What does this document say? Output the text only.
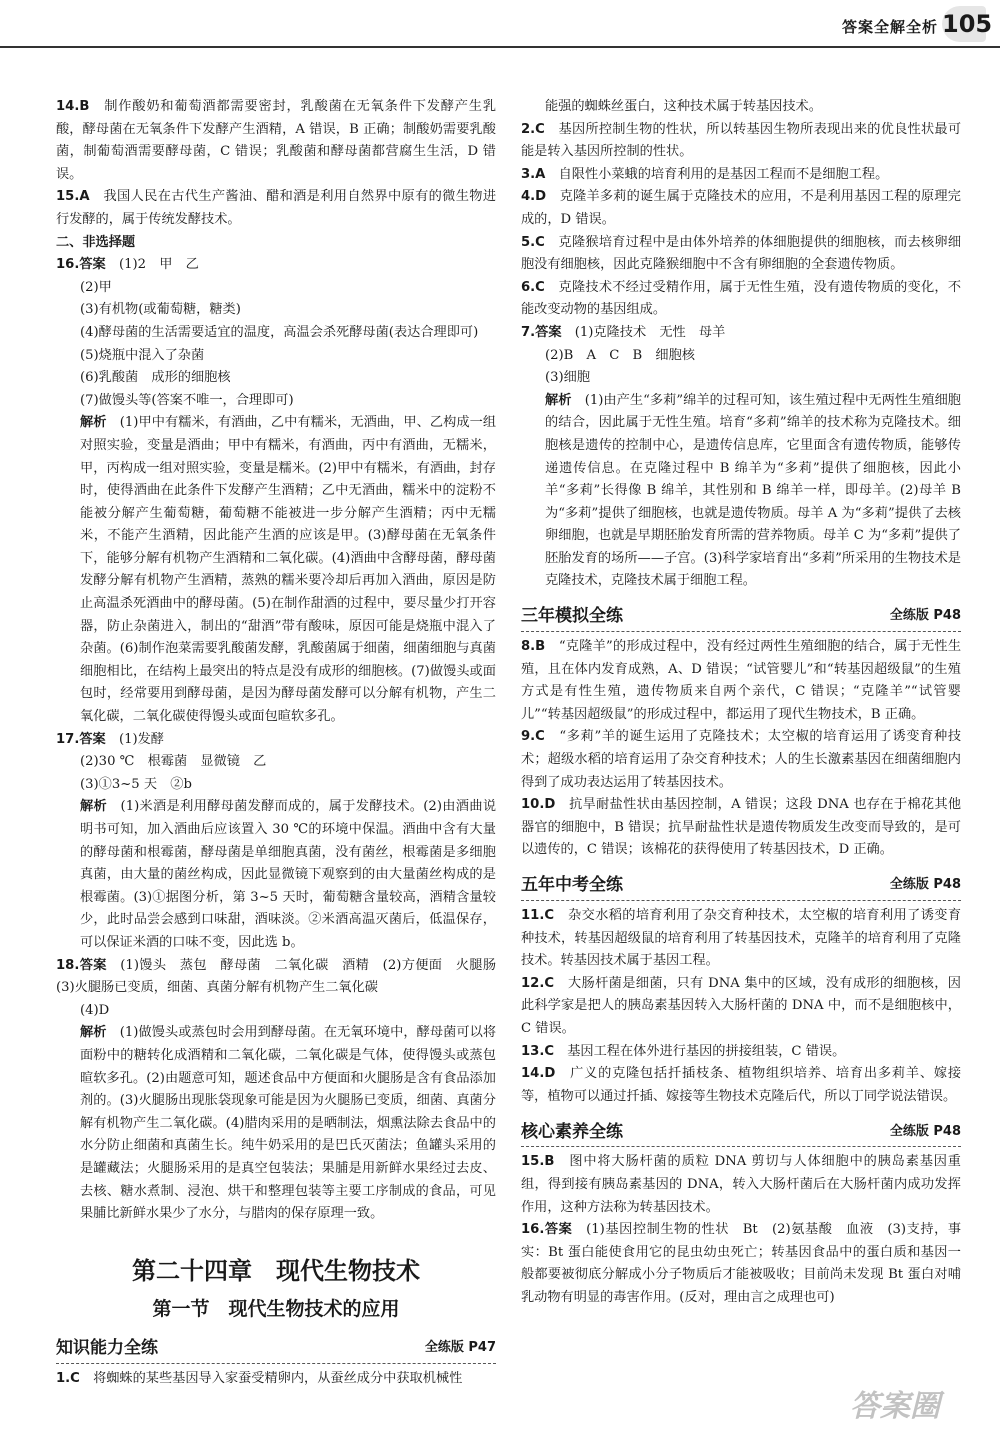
答案全解全析 105

14.B　 制作酸奶和葡萄酒都需要密封，乳酸菌在无氧条件下发酵产生乳酸，酵母菌在无氧条件下发酵产生酒精，A 错误，B 正确；制酸奶需要乳酸菌，制葡萄酒需要酵母菌，C 错误；乳酸菌和酵母菌都营腐生生活，D 错误。

15.A　 我国人民在古代生产酱油、醋和酒是利用自然界中原有的微生物进行发酵的，属于传统发酵技术。

二、非选择题

16.答案　 (1)2　甲　乙

(2)甲

(3)有机物(或葡萄糖，糖类)

(4)酵母菌的生活需要适宜的温度，高温会杀死酵母菌(表达合理即可)

(5)烧瓶中混入了杂菌

(6)乳酸菌　成形的细胞核

(7)做馒头等(答案不唯一，合理即可)

解析　 (1)甲中有糯米，有酒曲，乙中有糯米，无酒曲，甲、乙构成一组对照实验，变量是酒曲；甲中有糯米，有酒曲，丙中有酒曲，无糯米，甲，丙构成一组对照实验，变量是糯米。(2)甲中有糯米，有酒曲，封存时，使得酒曲在此条件下发酵产生酒精；乙中无酒曲，糯米中的淀粉不能被分解产生葡萄糖，葡萄糖不能被进一步分解产生酒精；丙中无糯米，不能产生酒精，因此能产生酒的应该是甲。(3)酵母菌在无氧条件下，能够分解有机物产生酒精和二氧化碳。(4)酒曲中含酵母菌，酵母菌发酵分解有机物产生酒精，蒸熟的糯米要冷却后再加入酒曲，原因是防止高温杀死酒曲中的酵母菌。(5)在制作甜酒的过程中，要尽量少打开容器，防止杂菌进入，制出的“甜酒”带有酸味，原因可能是烧瓶中混入了杂菌。(6)制作泡菜需要乳酸菌发酵，乳酸菌属于细菌，细菌细胞与真菌细胞相比，在结构上最突出的特点是没有成形的细胞核。(7)做馒头或面包时，经常要用到酵母菌，是因为酵母菌发酵可以分解有机物，产生二氧化碳，二氧化碳使得馒头或面包暄软多孔。

17.答案　 (1)发酵

(2)30 ℃　根霉菌　显微镜　乙

(3)①3~5 天　②b

解析　 (1)米酒是利用酵母菌发酵而成的，属于发酵技术。(2)由酒曲说明书可知，加入酒曲后应该置入 30 ℃的环境中保温。酒曲中含有大量的酵母菌和根霉菌，酵母菌是单细胞真菌，没有菌丝，根霉菌是多细胞真菌，由大量的菌丝构成，因此显微镜下观察到的由大量菌丝构成的是根霉菌。(3)①据图分析，第 3~5 天时，葡萄糖含量较高，酒精含量较少，此时品尝会感到口味甜，酒味淡。②米酒高温灭菌后，低温保存，可以保证米酒的口味不变，因此选 b。

18.答案　 (1)馒头　蒸包　酵母菌　二氧化碳　酒精　(2)方便面　火腿肠　(3)火腿肠已变质，细菌、真菌分解有机物产生二氧化碳

(4)D

解析　 (1)做馒头或蒸包时会用到酵母菌。在无氧环境中，酵母菌可以将面粉中的糖转化成酒精和二氧化碳，二氧化碳是气体，使得馒头或蒸包暄软多孔。(2)由题意可知，题述食品中方便面和火腿肠是含有食品添加剂的。(3)火腿肠出现胀袋现象可能是因为火腿肠已变质，细菌、真菌分解有机物产生二氧化碳。(4)腊肉采用的是晒制法，烟熏法除去食品中的水分防止细菌和真菌生长。纯牛奶采用的是巴氏灭菌法；鱼罐头采用的是罐藏法；火腿肠采用的是真空包装法；果脯是用新鲜水果经过去皮、去核、糖水煮制、浸泡、烘干和整理包装等主要工序制成的食品，可见果脯比新鲜水果少了水分，与腊肉的保存原理一致。

第二十四章　现代生物技术
第一节　现代生物技术的应用
知识能力全练	全练版 P47

1.C　 将蜘蛛的某些基因导入家蚕受精卵内，从蚕丝成分中获取机械性

能强的蜘蛛丝蛋白，这种技术属于转基因技术。

2.C　 基因所控制生物的性状，所以转基因生物所表现出来的优良性状最可能是转入基因所控制的性状。

3.A　 自限性小菜蛾的培育利用的是基因工程而不是细胞工程。

4.D　 克隆羊多莉的诞生属于克隆技术的应用，不是利用基因工程的原理完成的，D 错误。

5.C　 克隆猴培育过程中是由体外培养的体细胞提供的细胞核，而去核卵细胞没有细胞核，因此克隆猴细胞中不含有卵细胞的全套遗传物质。

6.C　 克隆技术不经过受精作用，属于无性生殖，没有遗传物质的变化，不能改变动物的基因组成。

7.答案　 (1)克隆技术　无性　母羊

(2)B　A　C　B　细胞核

(3)细胞

解析　 (1)由产生“多莉”绵羊的过程可知，该生殖过程中无两性生殖细胞的结合，因此属于无性生殖。培育“多莉”绵羊的技术称为克隆技术。细胞核是遗传的控制中心，是遗传信息库，它里面含有遗传物质，能够传递遗传信息。在克隆过程中 B 绵羊为“多莉”提供了细胞核，因此小羊“多莉”长得像 B 绵羊，其性别和 B 绵羊一样，即母羊。(2)母羊 B 为“多莉”提供了细胞核，也就是遗传物质。母羊 A 为“多莉”提供了去核卵细胞，也就是早期胚胎发育所需的营养物质。母羊 C 为“多莉”提供了胚胎发育的场所——子宫。(3)科学家培育出“多莉”所采用的生物技术是克隆技术，克隆技术属于细胞工程。

三年模拟全练	全练版 P48

8.B　 “克隆羊”的形成过程中，没有经过两性生殖细胞的结合，属于无性生殖，且在体内发育成熟，A、D 错误；“试管婴儿”和“转基因超级鼠”的生殖方式是有性生殖，遗传物质来自两个亲代，C 错误；“克隆羊”“试管婴儿”“转基因超级鼠”的形成过程中，都运用了现代生物技术，B 正确。

9.C　 “多莉”羊的诞生运用了克隆技术；太空椒的培育运用了诱变育种技术；超级水稻的培育运用了杂交育种技术；人的生长激素基因在细菌细胞内得到了成功表达运用了转基因技术。

10.D　 抗旱耐盐性状由基因控制，A 错误；这段 DNA 也存在于棉花其他器官的细胞中，B 错误；抗旱耐盐性状是遗传物质发生改变而导致的，是可以遗传的，C 错误；该棉花的获得使用了转基因技术，D 正确。

五年中考全练	全练版 P48

11.C　 杂交水稻的培育利用了杂交育种技术，太空椒的培育利用了诱变育种技术，转基因超级鼠的培育利用了转基因技术，克隆羊的培育利用了克隆技术。转基因技术属于基因工程。

12.C　 大肠杆菌是细菌，只有 DNA 集中的区域，没有成形的细胞核，因此科学家是把人的胰岛素基因转入大肠杆菌的 DNA 中，而不是细胞核中，C 错误。

13.C　 基因工程在体外进行基因的拼接组装，C 错误。

14.D　 广义的克隆包括扦插枝条、植物组织培养、培育出多莉羊、嫁接等，植物可以通过扦插、嫁接等生物技术克隆后代，所以丁同学说法错误。

核心素养全练	全练版 P48

15.B　 图中将大肠杆菌的质粒 DNA 剪切与人体细胞中的胰岛素基因重组，得到接有胰岛素基因的 DNA，转入大肠杆菌后在大肠杆菌内成功发挥作用，这种方法称为转基因技术。

16.答案　 (1)基因控制生物的性状　Bt　(2)氨基酸　血液　(3)支持，事实：Bt 蛋白能使食用它的昆虫幼虫死亡；转基因食品中的蛋白质和基因一般都要被彻底分解成小分子物质后才能被吸收；目前尚未发现 Bt 蛋白对哺乳动物有明显的毒害作用。(反对，理由言之成理也可)

答案圈
